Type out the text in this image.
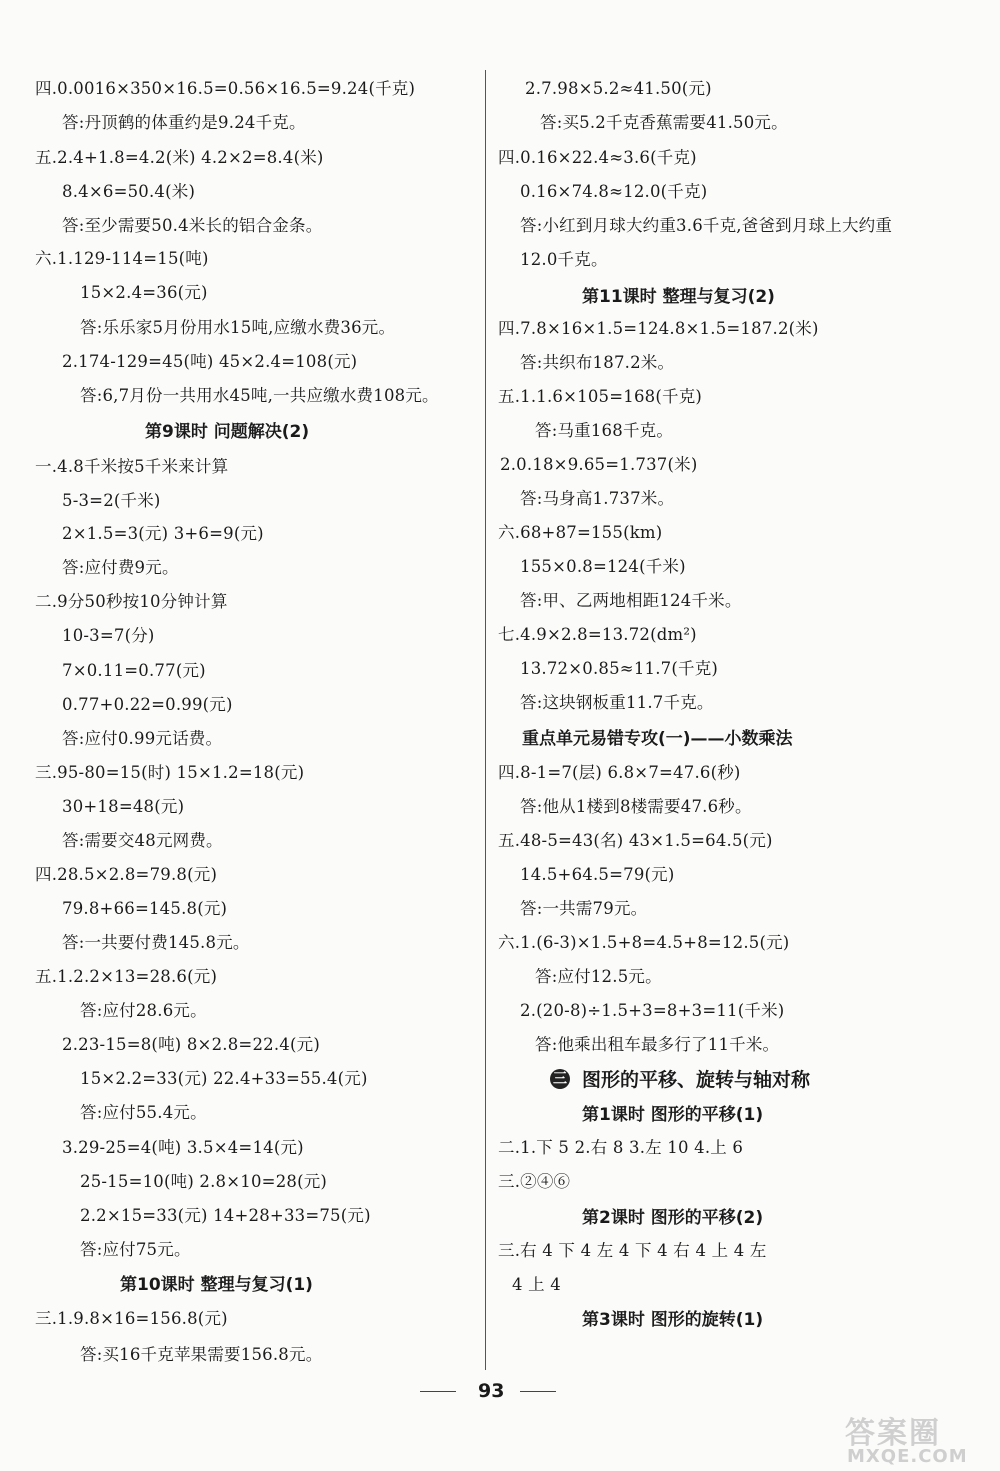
四.0.0016×350×16.5=0.56×16.5=9.24(千克)
答:丹顶鹤的体重约是9.24千克。
五.2.4+1.8=4.2(米) 4.2×2=8.4(米)
8.4×6=50.4(米)
答:至少需要50.4米长的铝合金条。
六.1.129-114=15(吨)
15×2.4=36(元)
答:乐乐家5月份用水15吨,应缴水费36元。
2.174-129=45(吨) 45×2.4=108(元)
答:6,7月份一共用水45吨,一共应缴水费108元。
第9课时 问题解决(2)
一.4.8千米按5千米来计算
5-3=2(千米)
2×1.5=3(元) 3+6=9(元)
答:应付费9元。
二.9分50秒按10分钟计算
10-3=7(分)
7×0.11=0.77(元)
0.77+0.22=0.99(元)
答:应付0.99元话费。
三.95-80=15(时) 15×1.2=18(元)
30+18=48(元)
答:需要交48元网费。
四.28.5×2.8=79.8(元)
79.8+66=145.8(元)
答:一共要付费145.8元。
五.1.2.2×13=28.6(元)
答:应付28.6元。
2.23-15=8(吨) 8×2.8=22.4(元)
15×2.2=33(元) 22.4+33=55.4(元)
答:应付55.4元。
3.29-25=4(吨) 3.5×4=14(元)
25-15=10(吨) 2.8×10=28(元)
2.2×15=33(元) 14+28+33=75(元)
答:应付75元。
第10课时 整理与复习(1)
三.1.9.8×16=156.8(元)
答:买16千克苹果需要156.8元。
2.7.98×5.2≈41.50(元)
答:买5.2千克香蕉需要41.50元。
四.0.16×22.4≈3.6(千克)
0.16×74.8≈12.0(千克)
答:小红到月球大约重3.6千克,爸爸到月球上大约重
12.0千克。
第11课时 整理与复习(2)
四.7.8×16×1.5=124.8×1.5=187.2(米)
答:共织布187.2米。
五.1.1.6×105=168(千克)
答:马重168千克。
2.0.18×9.65=1.737(米)
答:马身高1.737米。
六.68+87=155(km)
155×0.8=124(千米)
答:甲、乙两地相距124千米。
七.4.9×2.8=13.72(dm²)
13.72×0.85≈11.7(千克)
答:这块钢板重11.7千克。
重点单元易错专攻(一)——小数乘法
四.8-1=7(层) 6.8×7=47.6(秒)
答:他从1楼到8楼需要47.6秒。
五.48-5=43(名) 43×1.5=64.5(元)
14.5+64.5=79(元)
答:一共需79元。
六.1.(6-3)×1.5+8=4.5+8=12.5(元)
答:应付12.5元。
2.(20-8)÷1.5+3=8+3=11(千米)
答:他乘出租车最多行了11千米。
三 图形的平移、旋转与轴对称
第1课时 图形的平移(1)
二.1.下 5 2.右 8 3.左 10 4.上 6
三.②④⑥
第2课时 图形的平移(2)
三.右 4 下 4 左 4 下 4 右 4 上 4 左
4 上 4
第3课时 图形的旋转(1)
93
答案圈
MXQE.COM
